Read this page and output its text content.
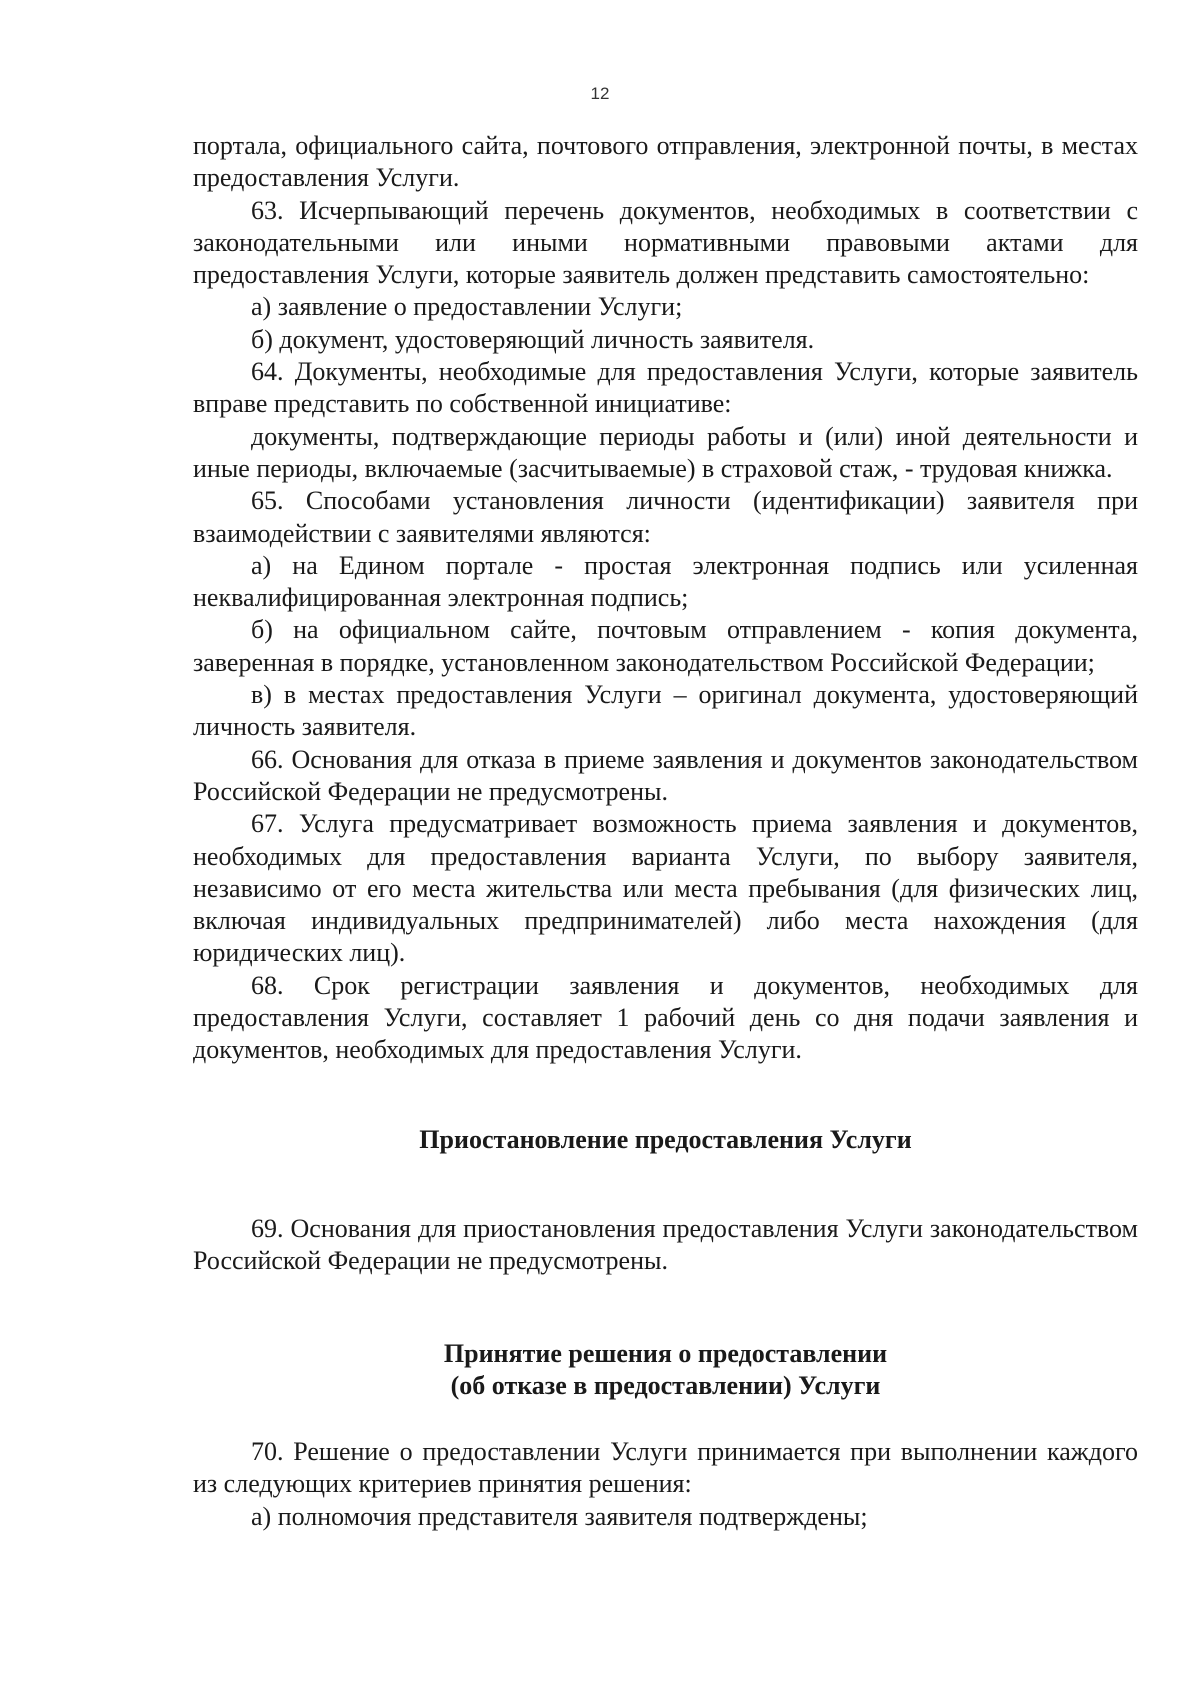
12

портала, официального сайта, почтового отправления, электронной почты, в местах предоставления Услуги.

63. Исчерпывающий перечень документов, необходимых в соответствии с законодательными или иными нормативными правовыми актами для предоставления Услуги, которые заявитель должен представить самостоятельно:

а) заявление о предоставлении Услуги;

б) документ, удостоверяющий личность заявителя.

64. Документы, необходимые для предоставления Услуги, которые заявитель вправе представить по собственной инициативе:

документы, подтверждающие периоды работы и (или) иной деятельности и иные периоды, включаемые (засчитываемые) в страховой стаж, - трудовая книжка.

65. Способами установления личности (идентификации) заявителя при взаимодействии с заявителями являются:

а) на Едином портале - простая электронная подпись или усиленная неквалифицированная электронная подпись;

б) на официальном сайте, почтовым отправлением - копия документа, заверенная в порядке, установленном законодательством Российской Федерации;

в) в местах предоставления Услуги – оригинал документа, удостоверяющий личность заявителя.

66. Основания для отказа в приеме заявления и документов законодательством Российской Федерации не предусмотрены.

67. Услуга предусматривает возможность приема заявления и документов, необходимых для предоставления варианта Услуги, по выбору заявителя, независимо от его места жительства или места пребывания (для физических лиц, включая индивидуальных предпринимателей) либо места нахождения (для юридических лиц).

68. Срок регистрации заявления и документов, необходимых для предоставления Услуги, составляет 1 рабочий день со дня подачи заявления и документов, необходимых для предоставления Услуги.

Приостановление предоставления Услуги

69. Основания для приостановления предоставления Услуги законодательством Российской Федерации не предусмотрены.

Принятие решения о предоставлении

(об отказе в предоставлении) Услуги

70. Решение о предоставлении Услуги принимается при выполнении каждого из следующих критериев принятия решения:

а) полномочия представителя заявителя подтверждены;
